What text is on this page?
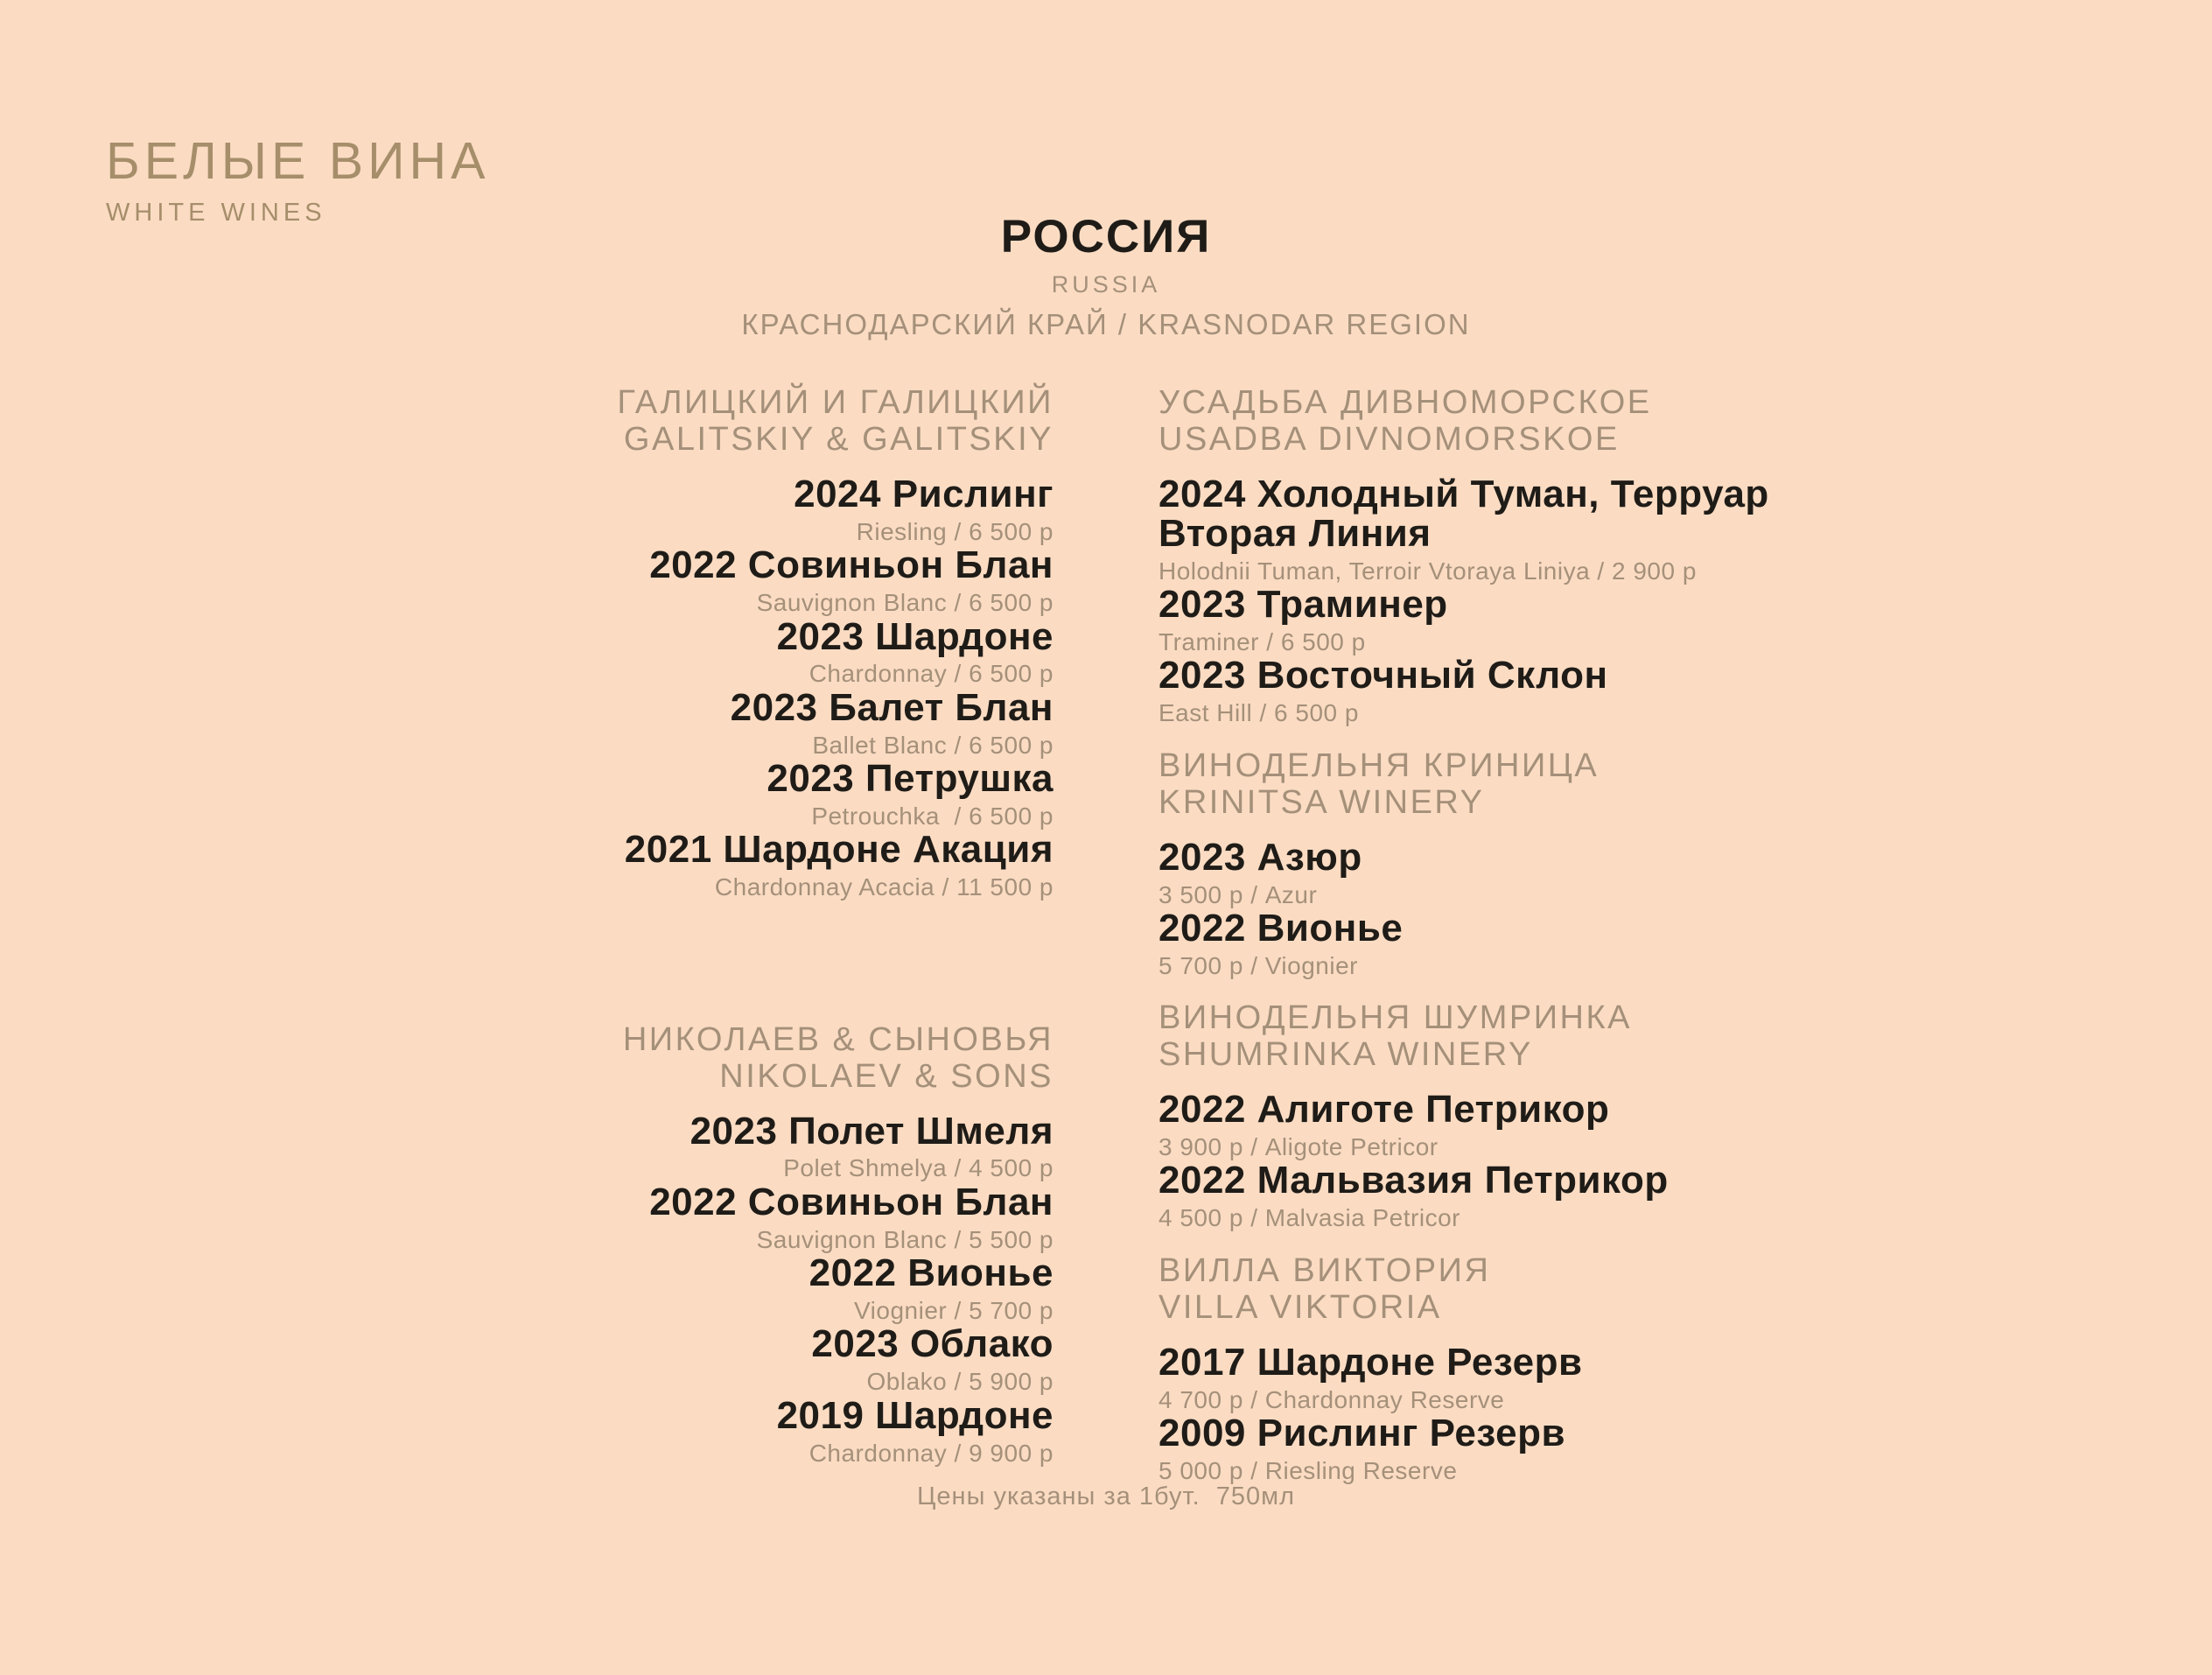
БЕЛЫЕ ВИНА
WHITE WINES	РОССИЯ
RUSSIA
КРАСНОДАРСКИЙ КРАЙ / KRASNODAR REGION
ГАЛИЦКИЙ И ГАЛИЦКИЙ
GALITSKIY & GALITSKIY
2024 Рислинг
Riesling / 6 500 р
2022 Совиньон Блан
Sauvignon Blanc / 6 500 р
2023 Шардоне
Chardonnay / 6 500 р
2023 Балет Блан
Ballet Blanc / 6 500 р
2023 Петрушка
Petrouchka  / 6 500 р
2021 Шардоне Акация
Chardonnay Acacia / 11 500 р
НИКОЛАЕВ & СЫНОВЬЯ
NIKOLAEV & SONS
2023 Полет Шмеля
Polet Shmelya / 4 500 р
2022 Совиньон Блан
Sauvignon Blanc / 5 500 р
2022 Вионье
Viognier / 5 700 р
2023 Облако
Oblako / 5 900 р
2019 Шардоне
Chardonnay / 9 900 р
УСАДЬБА ДИВНОМОРСКОЕ
USADBA DIVNOMORSKOE
2024 Холодный Туман, Терруар Вторая Линия
Holodnii Tuman, Terroir Vtoraya Liniya / 2 900 р
2023 Траминер
Traminer / 6 500 р
2023 Восточный Склон
East Hill / 6 500 р
ВИНОДЕЛЬНЯ КРИНИЦА
KRINITSA WINERY
2023 Азюр
3 500 р / Azur
2022 Вионье
5 700 р / Viognier
ВИНОДЕЛЬНЯ ШУМРИНКА
SHUMRINKA WINERY
2022 Алиготе Петрикор
3 900 р / Aligote Petricor
2022 Мальвазия Петрикор
4 500 р / Malvasia Petricor
ВИЛЛА ВИКТОРИЯ
VILLA VIKTORIA
2017 Шардоне Резерв
4 700 р / Chardonnay Reserve
2009 Рислинг Резерв
5 000 р / Riesling Reserve
Цены указаны за 1бут.  750мл
